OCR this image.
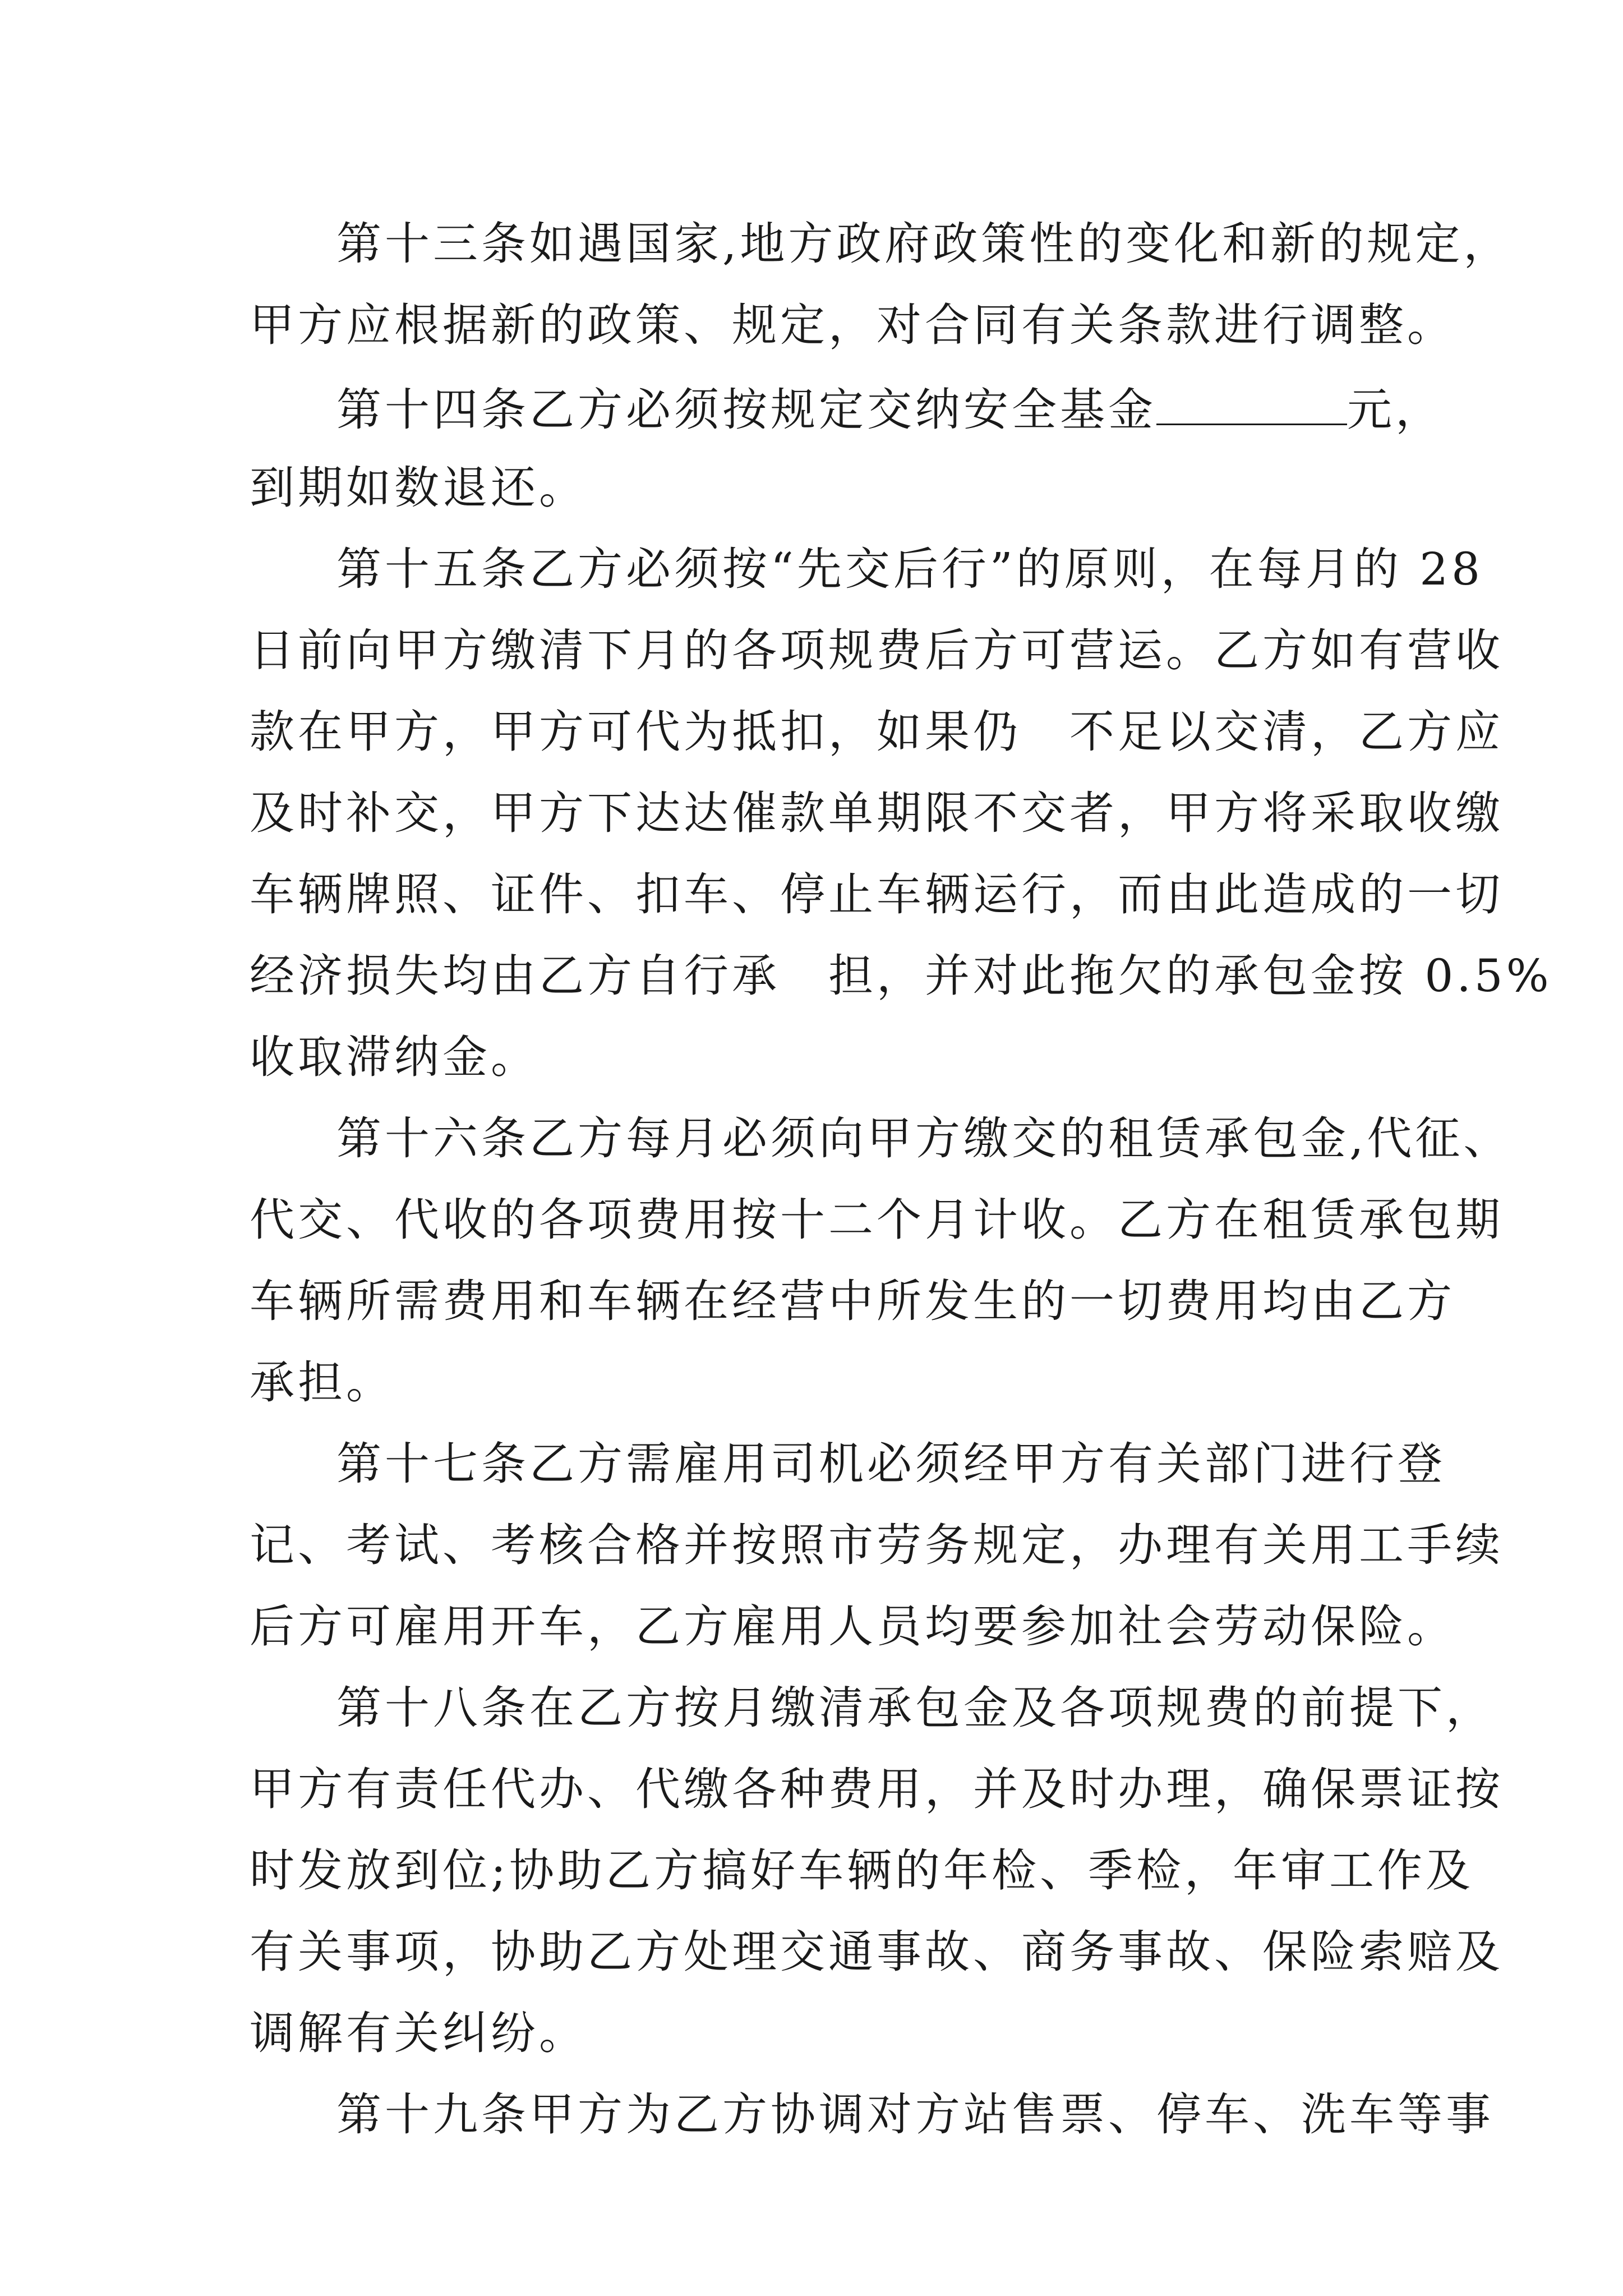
第十三条如遇国家,地方政府政策性的变化和新的规定，
甲方应根据新的政策、规定，对合同有关条款进行调整。
第十四条乙方必须按规定交纳安全基金	元，
到期如数退还。
第十五条乙方必须按“先交后行”的原则，在每月的 28
日前向甲方缴清下月的各项规费后方可营运。乙方如有营收
款在甲方，甲方可代为抵扣，如果仍　不足以交清，乙方应
及时补交，甲方下达达催款单期限不交者，甲方将采取收缴
车辆牌照、证件、扣车、停止车辆运行，而由此造成的一切
经济损失均由乙方自行承　担，并对此拖欠的承包金按 0.5%
收取滞纳金。
第十六条乙方每月必须向甲方缴交的租赁承包金,代征、
代交、代收的各项费用按十二个月计收。乙方在租赁承包期
车辆所需费用和车辆在经营中所发生的一切费用均由乙方
承担。
第十七条乙方需雇用司机必须经甲方有关部门进行登
记、考试、考核合格并按照市劳务规定，办理有关用工手续
后方可雇用开车，乙方雇用人员均要参加社会劳动保险。
第十八条在乙方按月缴清承包金及各项规费的前提下，
甲方有责任代办、代缴各种费用，并及时办理，确保票证按
时发放到位;协助乙方搞好车辆的年检、季检，年审工作及
有关事项，协助乙方处理交通事故、商务事故、保险索赔及
调解有关纠纷。
第十九条甲方为乙方协调对方站售票、停车、洗车等事
